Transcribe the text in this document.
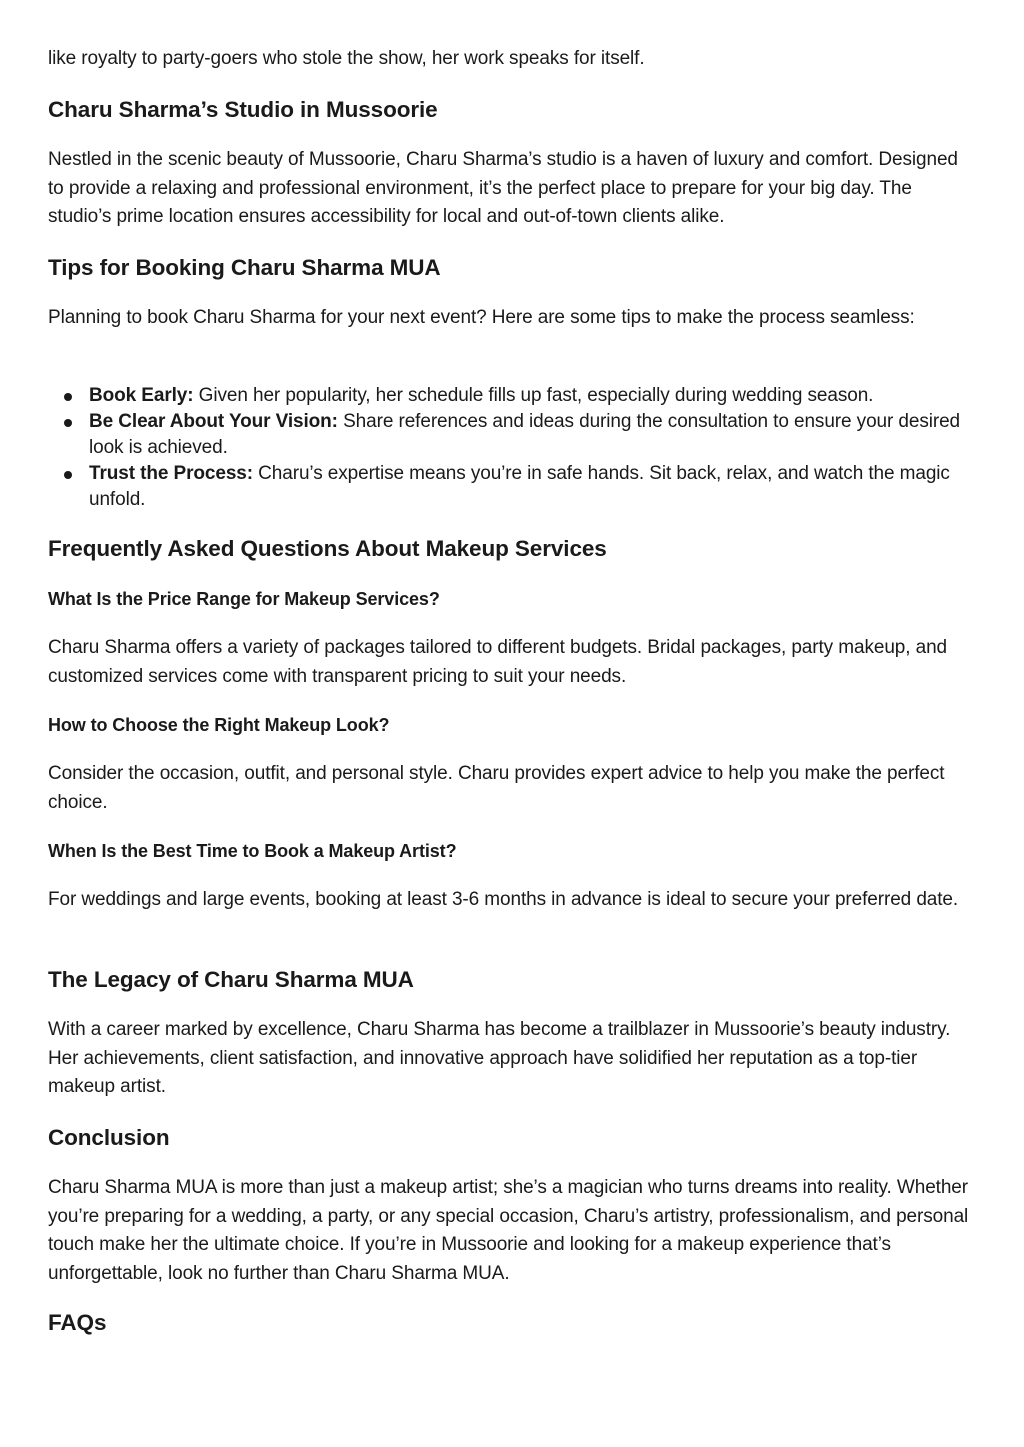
like royalty to party-goers who stole the show, her work speaks for itself.

Charu Sharma’s Studio in Mussoorie

Nestled in the scenic beauty of Mussoorie, Charu Sharma’s studio is a haven of luxury and comfort. Designed to provide a relaxing and professional environment, it’s the perfect place to prepare for your big day. The studio’s prime location ensures accessibility for local and out-of-town clients alike.

Tips for Booking Charu Sharma MUA

Planning to book Charu Sharma for your next event? Here are some tips to make the process seamless:

Book Early: Given her popularity, her schedule fills up fast, especially during wedding season.
Be Clear About Your Vision: Share references and ideas during the consultation to ensure your desired look is achieved.
Trust the Process: Charu’s expertise means you’re in safe hands. Sit back, relax, and watch the magic unfold.
Frequently Asked Questions About Makeup Services
What Is the Price Range for Makeup Services?

Charu Sharma offers a variety of packages tailored to different budgets. Bridal packages, party makeup, and customized services come with transparent pricing to suit your needs.

How to Choose the Right Makeup Look?

Consider the occasion, outfit, and personal style. Charu provides expert advice to help you make the perfect choice.

When Is the Best Time to Book a Makeup Artist?

For weddings and large events, booking at least 3-6 months in advance is ideal to secure your preferred date.

The Legacy of Charu Sharma MUA

With a career marked by excellence, Charu Sharma has become a trailblazer in Mussoorie’s beauty industry. Her achievements, client satisfaction, and innovative approach have solidified her reputation as a top-tier makeup artist.

Conclusion

Charu Sharma MUA is more than just a makeup artist; she’s a magician who turns dreams into reality. Whether you’re preparing for a wedding, a party, or any special occasion, Charu’s artistry, professionalism, and personal touch make her the ultimate choice. If you’re in Mussoorie and looking for a makeup experience that’s unforgettable, look no further than Charu Sharma MUA.

FAQs
